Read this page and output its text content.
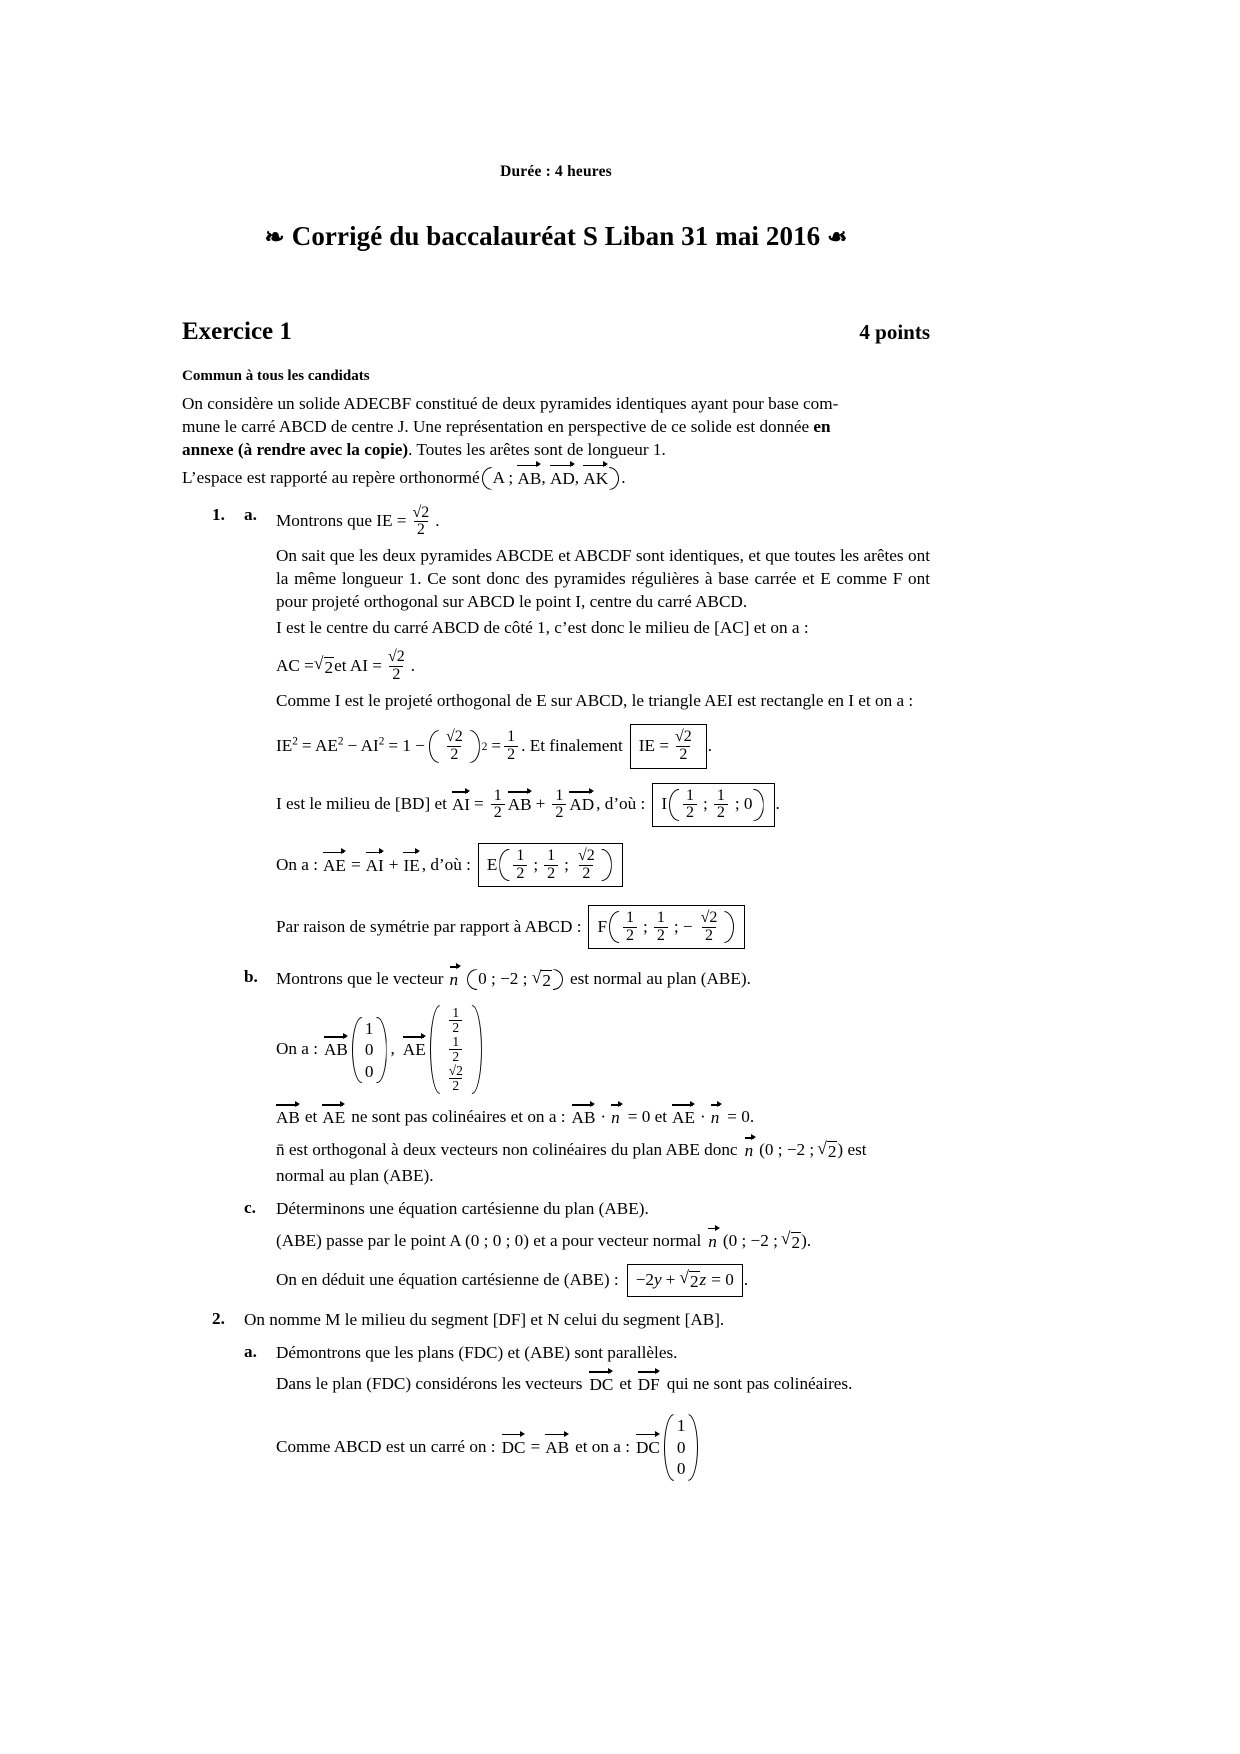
Durée : 4 heures
❧ Corrigé du baccalauréat S Liban 31 mai 2016 ❧
Exercice 1	4 points
Commun à tous les candidats

On considère un solide ADECBF constitué de deux pyramides identiques ayant pour base com-
mune le carré ABCD de centre J. Une représentation en perspective de ce solide est donnée en
annexe (à rendre avec la copie). Toutes les arêtes sont de longueur 1.

L’espace est rapporté au repère orthonormé A ;
AB , AD , AK .
1. a. Montrons que IE = $\frac{√2}{2}$ .

On sait que les deux pyramides ABCDE et ABCDF sont identiques, et que toutes les arêtes ont la même longueur 1. Ce sont donc des pyramides régulières à base carrée et E comme F ont pour projeté orthogonal sur ABCD le point I, centre du carré ABCD.

I est le centre du carré ABCD de côté 1, c’est donc le milieu de [AC] et on a :

AC = √ 2 et AI = $\frac{√2}{2}$ .

Comme I est le projeté orthogonal de E sur ABCD, le triangle AEI est rectangle en I et on a :

$IE^2 = AE^2 - AI^2 = 1 - \frac{√2}{2} 2 = \frac{1}{2}$ . Et finalement IE = $\frac{√2}{2}$ .
I est le milieu de [BD] et AI = $\frac{1}{2}$ AB + $\frac{1}{2}$ AD , d’où : I $\frac{1}{2}$ ; $\frac{1}{2}$ ; 0 .
On a : AE = AI + IE , d’où : E $\frac{1}{2}$ ; $\frac{1}{2}$ ; $\frac{√2}{2}$
Par raison de symétrie par rapport à ABCD : F $\frac{1}{2}$ ; $\frac{1}{2}$ ; − $\frac{√2}{2}$
b. Montrons que le vecteur n 0 ; −2 ;
√ 2 est normal au plan (ABE).
On a : AB
1
0
0
, AE
$\frac{1}{2}$
$\frac{1}{2}$
$\frac{√2}{2}$
AB et AE ne sont pas colinéaires et on a : AB · n = 0 et AE · n = 0.
n̄ est orthogonal à deux vecteurs non colinéaires du plan ABE donc n (0 ; −2 ; √ 2 ) est

normal au plan (ABE).

c. Déterminons une équation cartésienne du plan (ABE).

(ABE) passe par le point A (0 ; 0 ; 0) et a pour vecteur normal n (0 ; −2 ; √ 2 ).
On en déduit une équation cartésienne de (ABE) : −2 y + √ 2 z = 0 .
2. On nomme M le milieu du segment [DF] et N celui du segment [AB].

a. Démontrons que les plans (FDC) et (ABE) sont parallèles.

Dans le plan (FDC) considérons les vecteurs DC et DF qui ne sont pas colinéaires.
Comme ABCD est un carré on : DC = AB et on a : DC
1
0
0
